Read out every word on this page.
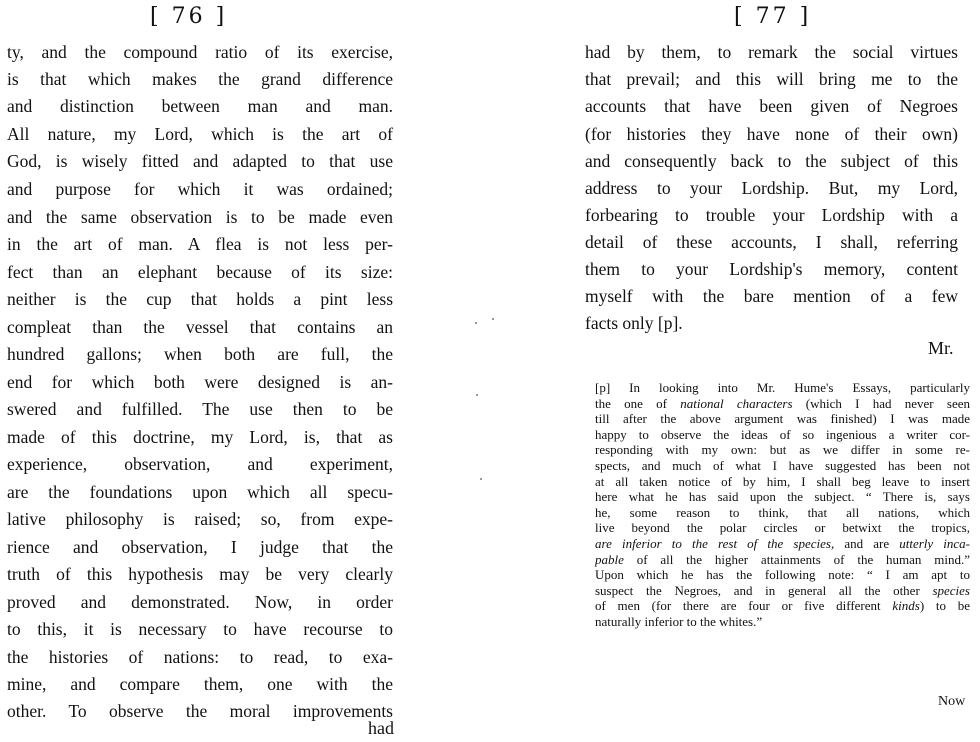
[ 76 ]
ty, and the compound ratio of its exercise,
is that which makes the grand difference
and distinction between man and man.
All nature, my Lord, which is the art of
God, is wisely fitted and adapted to that use
and purpose for which it was ordained;
and the same observation is to be made even
in the art of man. A flea is not less per-
fect than an elephant because of its size:
neither is the cup that holds a pint less
compleat than the vessel that contains an
hundred gallons; when both are full, the
end for which both were designed is an-
swered and fulfilled. The use then to be
made of this doctrine, my Lord, is, that as
experience, observation, and experiment,
are the foundations upon which all specu-
lative philosophy is raised; so, from expe-
rience and observation, I judge that the
truth of this hypothesis may be very clearly
proved and demonstrated. Now, in order
to this, it is necessary to have recourse to
the histories of nations: to read, to exa-
mine, and compare them, one with the
other. To observe the moral improvements
had
[ 77 ]
had by them, to remark the social virtues
that prevail; and this will bring me to the
accounts that have been given of Negroes
(for histories they have none of their own)
and consequently back to the subject of this
address to your Lordship. But, my Lord,
forbearing to trouble your Lordship with a
detail of these accounts, I shall, referring
them to your Lordship's memory, content
myself with the bare mention of a few
facts only [p].
Mr.
[p] In looking into Mr. Hume's Essays, particularly
the one of national characters (which I had never seen
till after the above argument was finished) I was made
happy to observe the ideas of so ingenious a writer cor-
responding with my own: but as we differ in some re-
spects, and much of what I have suggested has been not
at all taken notice of by him, I shall beg leave to insert
here what he has said upon the subject. “ There is, says
he, some reason to think, that all nations, which
live beyond the polar circles or betwixt the tropics,
are inferior to the rest of the species, and are utterly inca-
pable of all the higher attainments of the human mind.”
Upon which he has the following note: “ I am apt to
suspect the Negroes, and in general all the other species
of men (for there are four or five different kinds) to be
naturally inferior to the whites.”
Now
